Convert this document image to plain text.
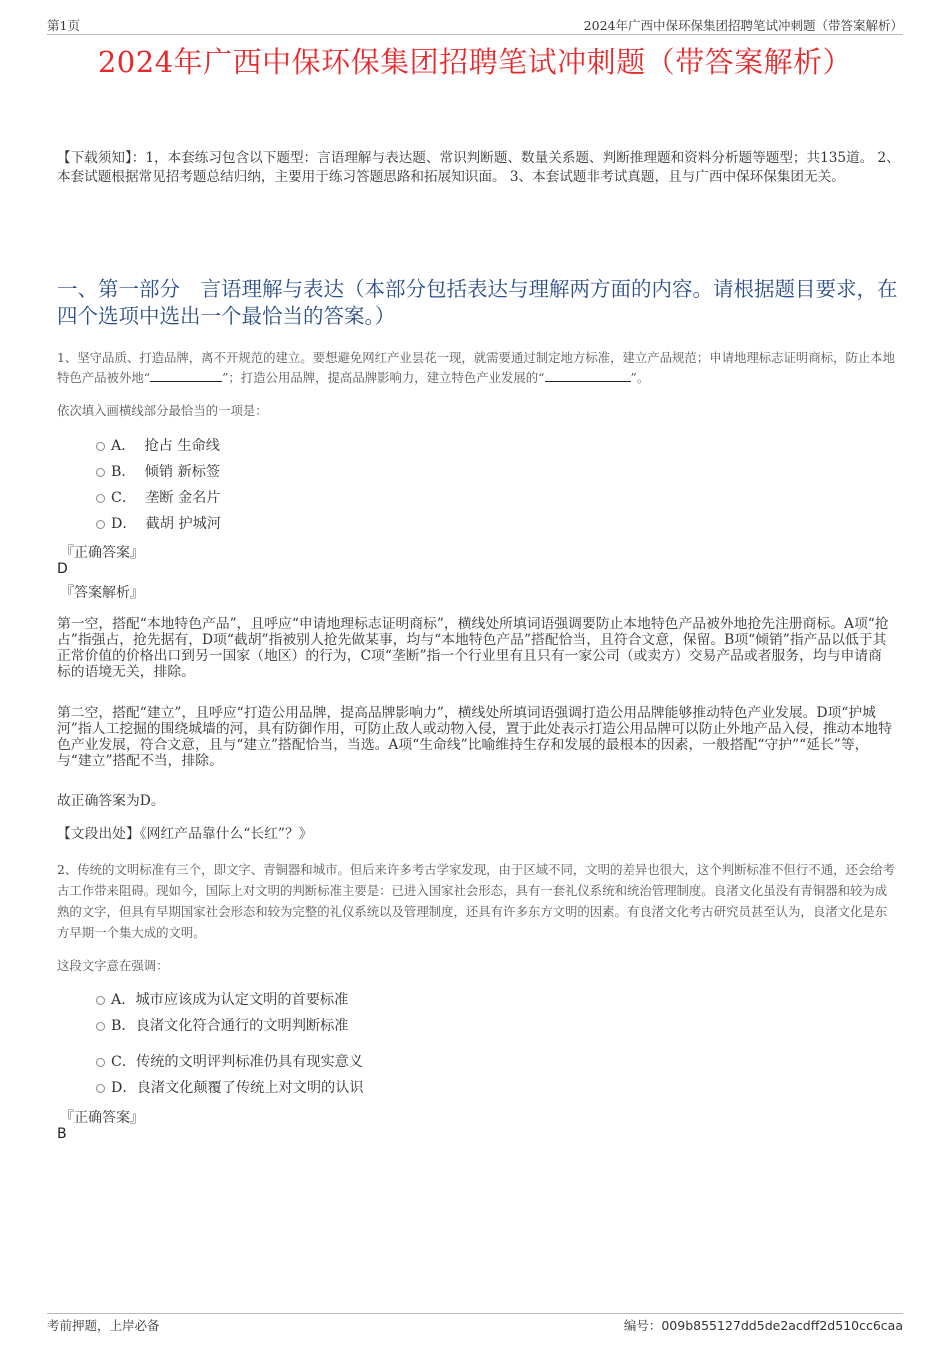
第1页	2024年广西中保环保集团招聘笔试冲刺题（带答案解析）
2024年广西中保环保集团招聘笔试冲刺题（带答案解析）
【下载须知】：1，本套练习包含以下题型：言语理解与表达题、常识判断题、数量关系题、判断推理题和资料分析题等题型；共135道。 2、本套试题根据常见招考题总结归纳，主要用于练习答题思路和拓展知识面。 3、本套试题非考试真题，且与广西中保环保集团无关。
一、第一部分　言语理解与表达（本部分包括表达与理解两方面的内容。请根据题目要求，在四个选项中选出一个最恰当的答案。）
1、坚守品质、打造品牌，离不开规范的建立。要想避免网红产业昙花一现，就需要通过制定地方标准，建立产品规范；申请地理标志证明商标，防止本地特色产品被外地“	”；打造公用品牌，提高品牌影响力，建立特色产业发展的“	”。
依次填入画横线部分最恰当的一项是：
A． 抢占 生命线
B． 倾销 新标签
C． 垄断 金名片
D． 截胡 护城河
『正确答案』
D
『答案解析』
第一空，搭配“本地特色产品”，且呼应“申请地理标志证明商标”，横线处所填词语强调要防止本地特色产品被外地抢先注册商标。A项“抢占”指强占，抢先据有，D项“截胡”指被别人抢先做某事，均与“本地特色产品”搭配恰当，且符合文意，保留。B项“倾销”指产品以低于其正常价值的价格出口到另一国家（地区）的行为，C项“垄断”指一个行业里有且只有一家公司（或卖方）交易产品或者服务，均与申请商标的语境无关，排除。
第二空，搭配“建立”，且呼应“打造公用品牌，提高品牌影响力”，横线处所填词语强调打造公用品牌能够推动特色产业发展。D项“护城河”指人工挖掘的围绕城墙的河，具有防御作用，可防止敌人或动物入侵，置于此处表示打造公用品牌可以防止外地产品入侵，推动本地特色产业发展，符合文意，且与“建立”搭配恰当，当选。A项“生命线”比喻维持生存和发展的最根本的因素，一般搭配“守护”“延长”等，与“建立”搭配不当，排除。
故正确答案为D。
【文段出处】《网红产品靠什么“长红”？》
2、传统的文明标准有三个，即文字、青铜器和城市。但后来许多考古学家发现，由于区域不同，文明的差异也很大，这个判断标准不但行不通，还会给考古工作带来阻碍。现如今，国际上对文明的判断标准主要是：已进入国家社会形态，具有一套礼仪系统和统治管理制度。良渚文化虽没有青铜器和较为成熟的文字，但具有早期国家社会形态和较为完整的礼仪系统以及管理制度，还具有许多东方文明的因素。有良渚文化考古研究员甚至认为，良渚文化是东方早期一个集大成的文明。
这段文字意在强调：
A．城市应该成为认定文明的首要标准
B．良渚文化符合通行的文明判断标准
C．传统的文明评判标准仍具有现实意义
D．良渚文化颠覆了传统上对文明的认识
『正确答案』
B
考前押题，上岸必备	编号：009b855127dd5de2acdff2d510cc6caa
